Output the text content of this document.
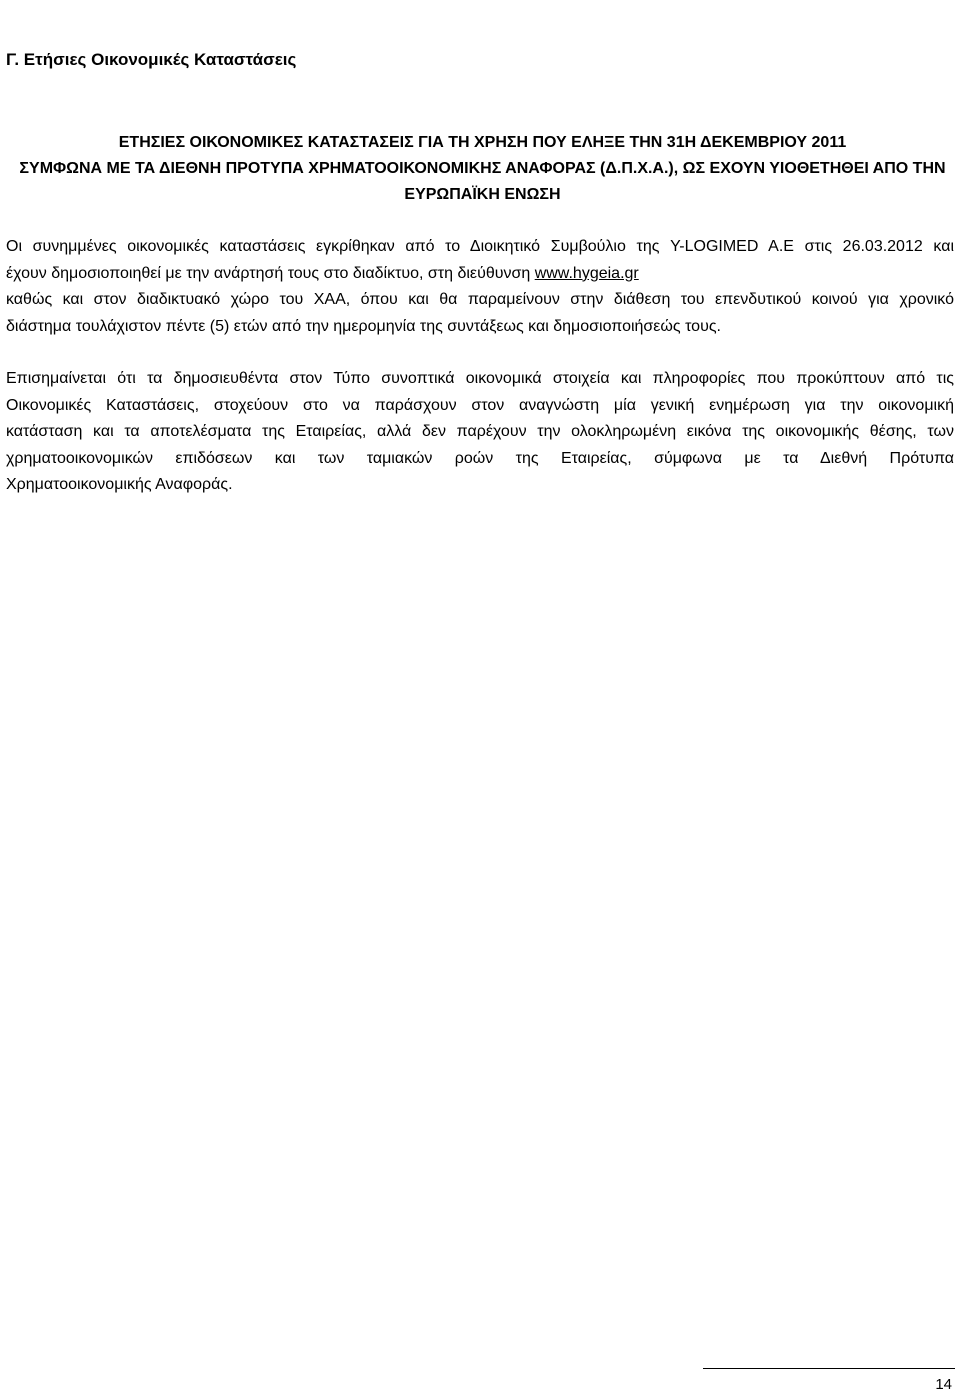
Γ. Ετήσιες Οικονομικές Καταστάσεις
ΕΤΗΣΙΕΣ ΟΙΚΟΝΟΜΙΚΕΣ ΚΑΤΑΣΤΑΣΕΙΣ ΓΙΑ ΤΗ ΧΡΗΣΗ ΠΟΥ ΕΛΗΞΕ ΤΗΝ 31Η ΔΕΚΕΜΒΡΙΟΥ 2011
ΣΥΜΦΩΝΑ ΜΕ ΤΑ ΔΙΕΘΝΗ ΠΡΟΤΥΠΑ ΧΡΗΜΑΤΟΟΙΚΟΝΟΜΙΚΗΣ ΑΝΑΦΟΡΑΣ (Δ.Π.Χ.Α.), ΩΣ ΕΧΟΥΝ ΥΙΟΘΕΤΗΘΕΙ ΑΠΟ ΤΗΝ
ΕΥΡΩΠΑΪΚΗ ΕΝΩΣΗ
Οι συνημμένες οικονομικές καταστάσεις εγκρίθηκαν από το Διοικητικό Συμβούλιο της Y-LOGIMED A.E στις 26.03.2012 και
έχουν δημοσιοποιηθεί με την ανάρτησή τους στο διαδίκτυο, στη διεύθυνση www.hygeia.gr
καθώς και στον διαδικτυακό χώρο του ΧΑΑ, όπου και θα παραμείνουν στην διάθεση του επενδυτικού κοινού για χρονικό
διάστημα τουλάχιστον πέντε (5) ετών από την ημερομηνία της συντάξεως και δημοσιοποιήσεώς τους.
Επισημαίνεται ότι τα δημοσιευθέντα στον Τύπο συνοπτικά οικονομικά στοιχεία και πληροφορίες που προκύπτουν από τις
Οικονομικές Καταστάσεις, στοχεύουν στο να παράσχουν στον αναγνώστη μία γενική ενημέρωση για την οικονομική
κατάσταση και τα αποτελέσματα της Εταιρείας, αλλά δεν παρέχουν την ολοκληρωμένη εικόνα της οικονομικής θέσης, των
χρηματοοικονομικών επιδόσεων και των ταμιακών ροών της Εταιρείας, σύμφωνα με τα Διεθνή Πρότυπα
Χρηματοοικονομικής Αναφοράς.
14
